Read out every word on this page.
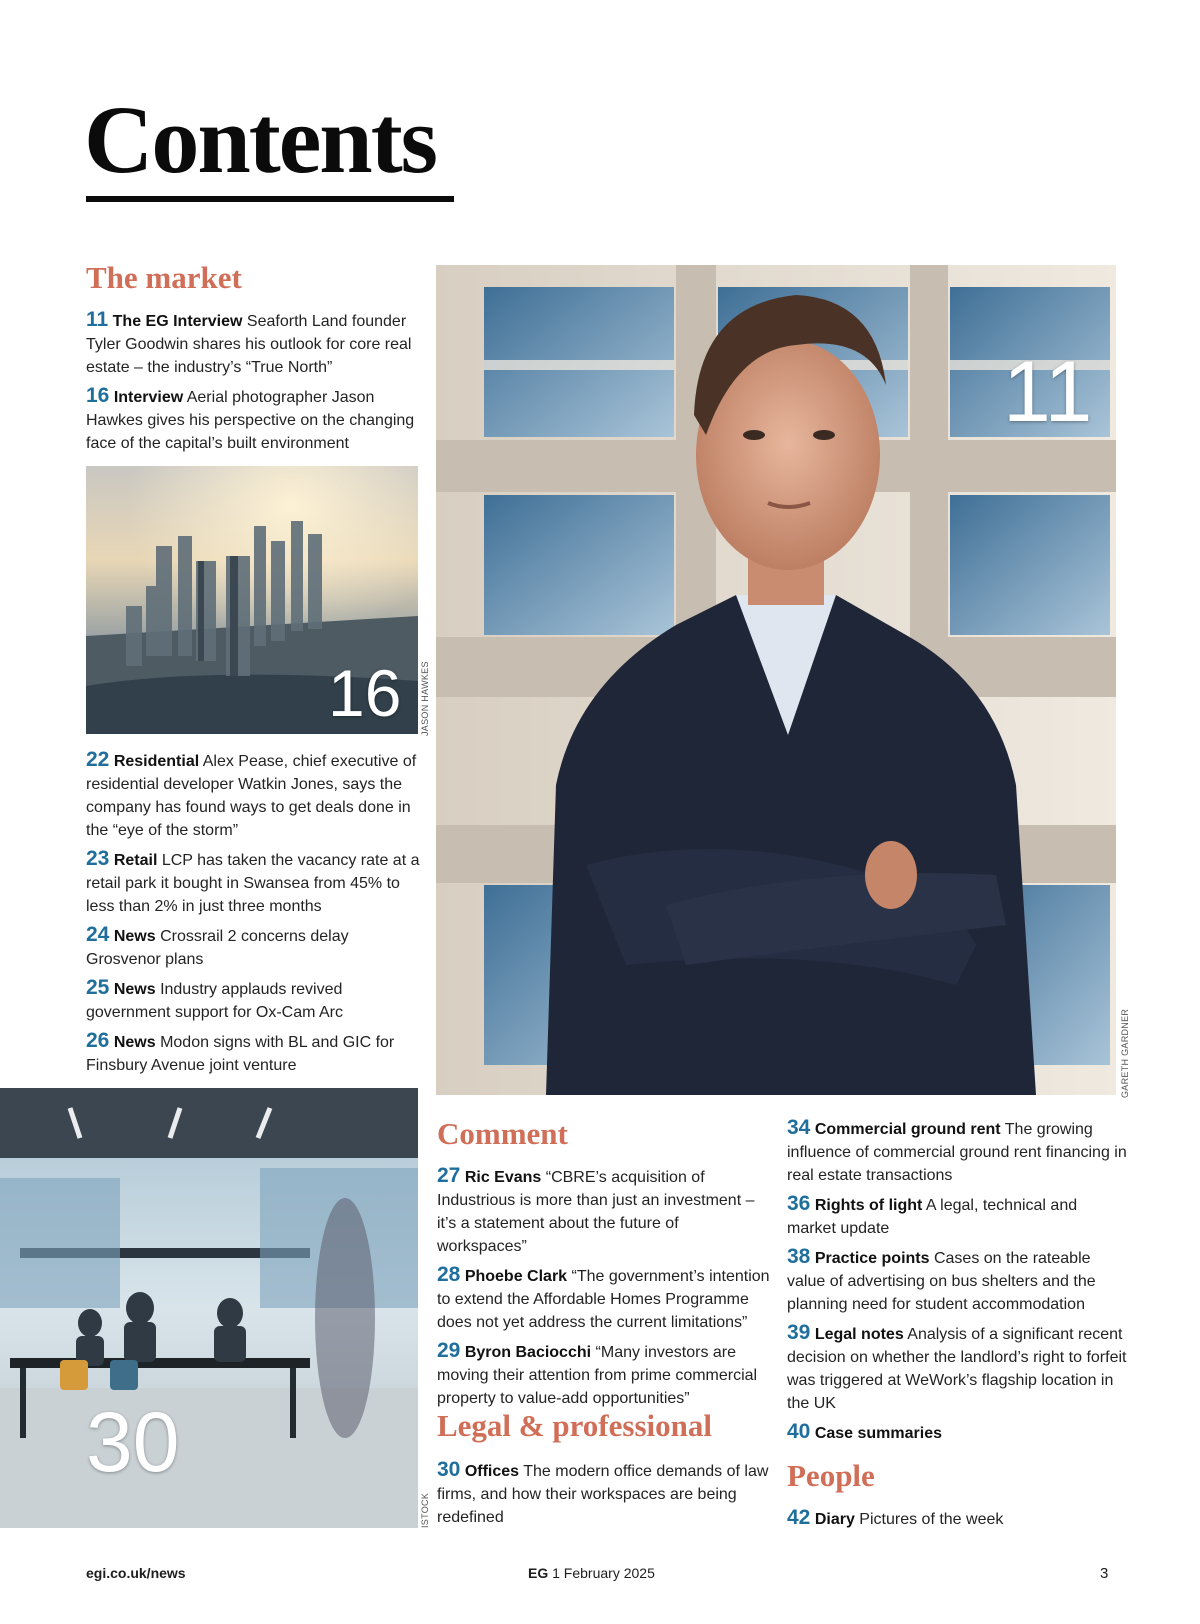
Contents
The market
11 The EG Interview Seaforth Land founder Tyler Goodwin shares his outlook for core real estate – the industry’s “True North”
16 Interview Aerial photographer Jason Hawkes gives his perspective on the changing face of the capital’s built environment
16 JASON HAWKES
22 Residential Alex Pease, chief executive of residential developer Watkin Jones, says the company has found ways to get deals done in the “eye of the storm”
23 Retail LCP has taken the vacancy rate at a retail park it bought in Swansea from 45% to less than 2% in just three months
24 News Crossrail 2 concerns delay Grosvenor plans
25 News Industry applauds revived government support for Ox-Cam Arc
26 News Modon signs with BL and GIC for Finsbury Avenue joint venture
11
GARETH GARDNER
30
ISTOCK
Comment
27 Ric Evans “CBRE’s acquisition of Industrious is more than just an investment – it’s a statement about the future of workspaces”
28 Phoebe Clark “The government’s intention to extend the Affordable Homes Programme does not yet address the current limitations”
29 Byron Baciocchi “Many investors are moving their attention from prime commercial property to value-add opportunities”
Legal & professional
30 Offices The modern office demands of law firms, and how their workspaces are being redefined
34 Commercial ground rent The growing influence of commercial ground rent financing in real estate transactions
36 Rights of light A legal, technical and market update
38 Practice points Cases on the rateable value of advertising on bus shelters and the planning need for student accommodation
39 Legal notes Analysis of a significant recent decision on whether the landlord’s right to forfeit was triggered at WeWork’s flagship location in the UK
40 Case summaries
People
42 Diary Pictures of the week
egi.co.uk/news	EG 1 February 2025	3
